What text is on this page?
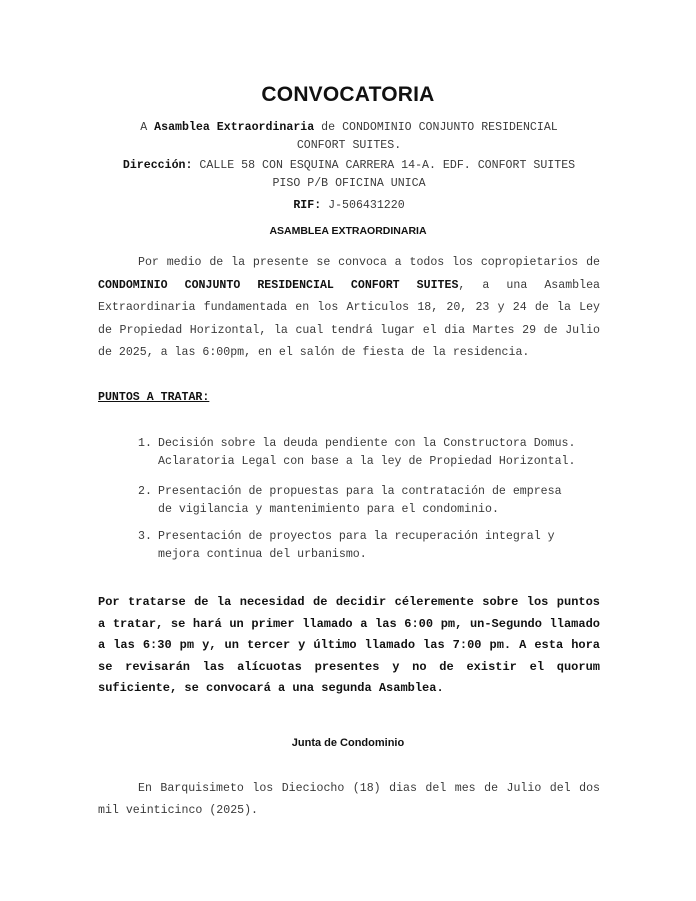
CONVOCATORIA
A Asamblea Extraordinaria de CONDOMINIO CONJUNTO RESIDENCIAL
CONFORT SUITES.
Dirección: CALLE 58 CON ESQUINA CARRERA 14-A. EDF. CONFORT SUITES
PISO P/B OFICINA UNICA
RIF: J-506431220
ASAMBLEA EXTRAORDINARIA
Por medio de la presente se convoca a todos los copropietarios de CONDOMINIO CONJUNTO RESIDENCIAL CONFORT SUITES, a una Asamblea Extraordinaria fundamentada en los Articulos 18, 20, 23 y 24 de la Ley de Propiedad Horizontal, la cual tendrá lugar el dia Martes 29 de Julio de 2025, a las 6:00pm, en el salón de fiesta de la residencia.
PUNTOS A TRATAR:
1. Decisión sobre la deuda pendiente con la Constructora Domus.
Aclaratoria Legal con base a la ley de Propiedad Horizontal.
2. Presentación de propuestas para la contratación de empresa
de vigilancia y mantenimiento para el condominio.
3. Presentación de proyectos para la recuperación integral y
mejora continua del urbanismo.
Por tratarse de la necesidad de decidir céleremente sobre los puntos a tratar, se hará un primer llamado a las 6:00 pm, un-Segundo llamado a las 6:30 pm y, un tercer y último llamado las 7:00 pm. A esta hora se revisarán las alícuotas presentes y no de existir el quorum suficiente, se convocará a una segunda Asamblea.
Junta de Condominio
En Barquisimeto los Dieciocho (18) dias del mes de Julio del dos mil veinticinco (2025).
